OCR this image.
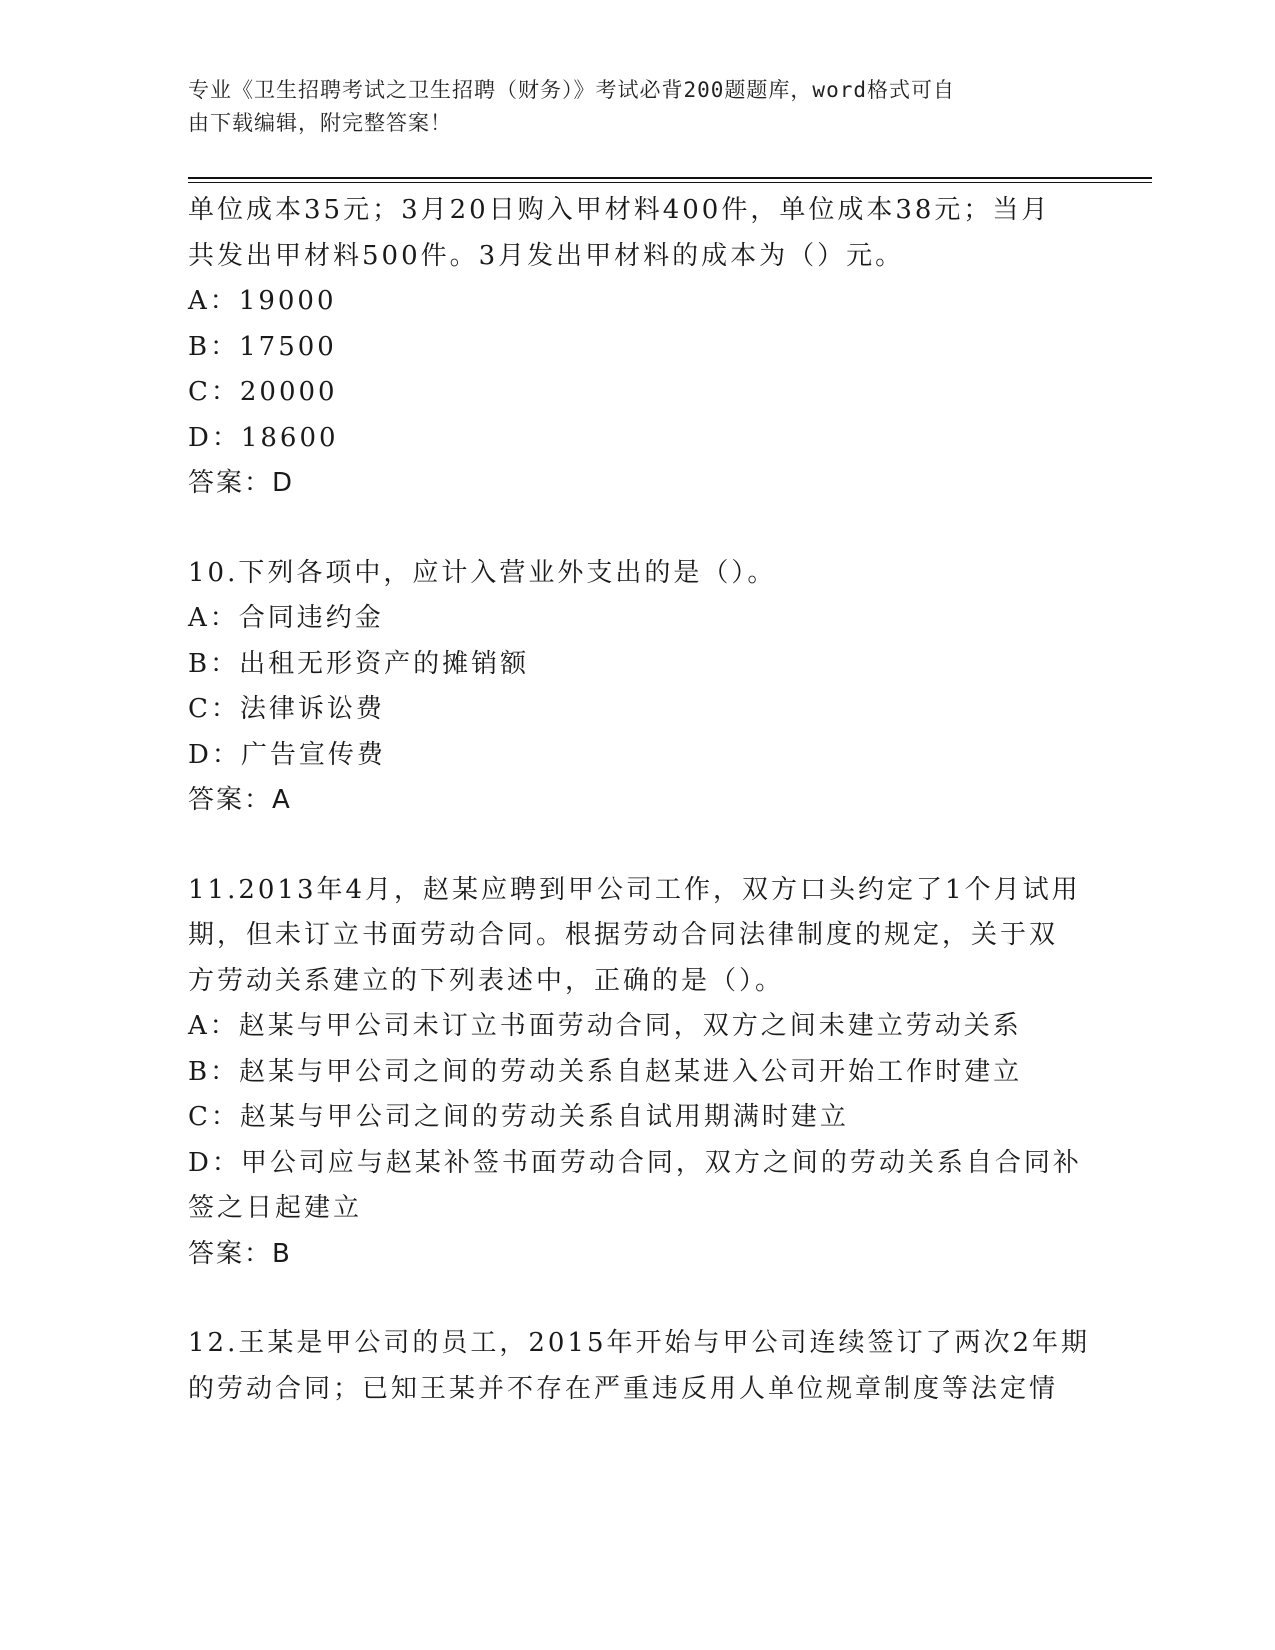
专业《卫生招聘考试之卫生招聘（财务）》考试必背200题题库，word格式可自
由下载编辑，附完整答案！
单位成本35元；3月20日购入甲材料400件，单位成本38元；当月
共发出甲材料500件。3月发出甲材料的成本为（）元。
A：19000
B：17500
C：20000
D：18600
答案：D
10.下列各项中，应计入营业外支出的是（）。
A：合同违约金
B：出租无形资产的摊销额
C：法律诉讼费
D：广告宣传费
答案：A
11.2013年4月，赵某应聘到甲公司工作，双方口头约定了1个月试用
期，但未订立书面劳动合同。根据劳动合同法律制度的规定，关于双
方劳动关系建立的下列表述中，正确的是（）。
A：赵某与甲公司未订立书面劳动合同，双方之间未建立劳动关系
B：赵某与甲公司之间的劳动关系自赵某进入公司开始工作时建立
C：赵某与甲公司之间的劳动关系自试用期满时建立
D：甲公司应与赵某补签书面劳动合同，双方之间的劳动关系自合同补
签之日起建立
答案：B
12.王某是甲公司的员工，2015年开始与甲公司连续签订了两次2年期
的劳动合同；已知王某并不存在严重违反用人单位规章制度等法定情
